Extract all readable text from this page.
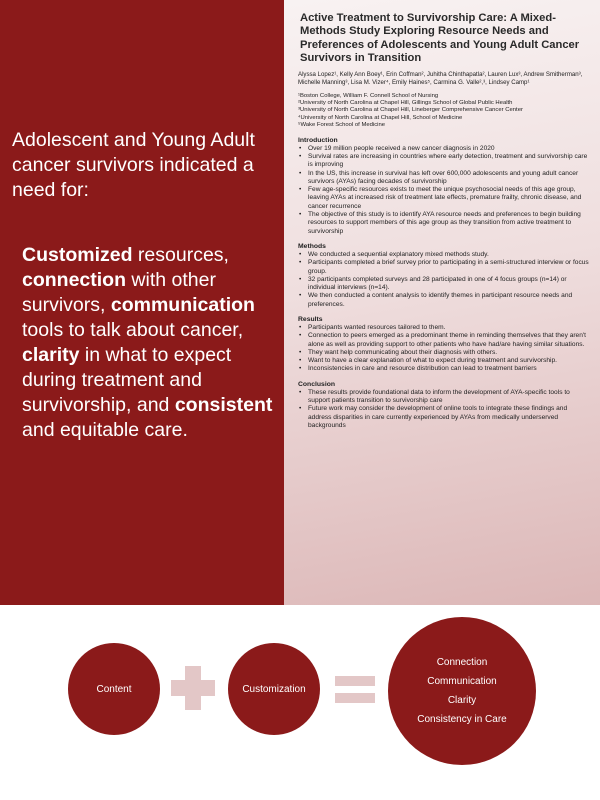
Adolescent and Young Adult cancer survivors indicated a need for:

Customized resources, connection with other survivors, communication tools to talk about cancer, clarity in what to expect during treatment and survivorship, and consistent and equitable care.

Active Treatment to Survivorship Care: A Mixed-Methods Study Exploring Resource Needs and Preferences of Adolescents and Young Adult Cancer Survivors in Transition

Alyssa Lopez¹, Kelly Ann Boey¹, Erin Coffman², Juhitha Chinthapatla², Lauren Lux³, Andrew Smitherman³, Michelle Manning³, Lisa M. Vizer⁴, Emily Haines⁵, Carmina G. Valle²,³, Lindsey Camp¹

¹Boston College, William F. Connell School of Nursing
²University of North Carolina at Chapel Hill, Gillings School of Global Public Health
³University of North Carolina at Chapel Hill, Lineberger Comprehensive Cancer Center
⁴University of North Carolina at Chapel Hill, School of Medicine
⁵Wake Forest School of Medicine
Introduction
• Over 19 million people received a new cancer diagnosis in 2020
• Survival rates are increasing in countries where early detection, treatment and survivorship care is improving
• In the US, this increase in survival has left over 600,000 adolescents and young adult cancer survivors (AYAs) facing decades of survivorship
• Few age-specific resources exists to meet the unique psychosocial needs of this age group, leaving AYAs at increased risk of treatment late effects, premature frailty, chronic disease, and cancer recurrence
• The objective of this study is to identify AYA resource needs and preferences to begin building resources to support members of this age group as they transition from active treatment to survivorship
Methods
• We conducted a sequential explanatory mixed methods study.
• Participants completed a brief survey prior to participating in a semi-structured interview or focus group.
• 32 participants completed surveys and 28 participated in one of 4 focus groups (n=14) or individual interviews (n=14).
• We then conducted a content analysis to identify themes in participant resource needs and preferences.
Results
• Participants wanted resources tailored to them.
• Connection to peers emerged as a predominant theme in reminding themselves that they aren't alone as well as providing support to other patients who have had/are having similar situations.
• They want help communicating about their diagnosis with others.
• Want to have a clear explanation of what to expect during treatment and survivorship.
• Inconsistencies in care and resource distribution can lead to treatment barriers
Conclusion
• These results provide foundational data to inform the development of AYA-specific tools to support patients transition to survivorship care
• Future work may consider the development of online tools to integrate these findings and address disparities in care currently experienced by AYAs from medically underserved backgrounds
Content	Customization
Connection
Communication
Clarity
Consistency in Care
